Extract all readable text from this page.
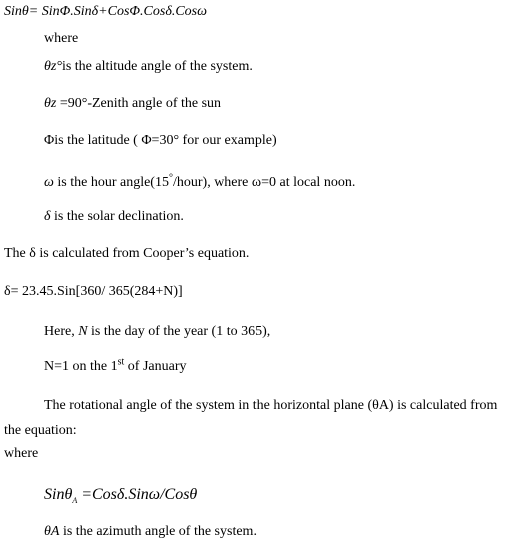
Sinθ= SinΦ.Sinδ+CosΦ.Cosδ.Cosω
where
θz°is the altitude angle of the system.
θz =90°-Zenith angle of the sun
Φis the latitude ( Φ=30° for our example)
ω is the hour angle(15°/hour), where ω=0 at local noon.
δ is the solar declination.
The δ is calculated from Cooper’s equation.
δ= 23.45.Sin[360/ 365(284+N)]
Here, N is the day of the year (1 to 365),
N=1 on the 1st of January
The rotational angle of the system in the horizontal plane (θA) is calculated from
the equation:
where
Sinθ$_A$ =Cosδ.Sinω/Cosθ
θA is the azimuth angle of the system.
